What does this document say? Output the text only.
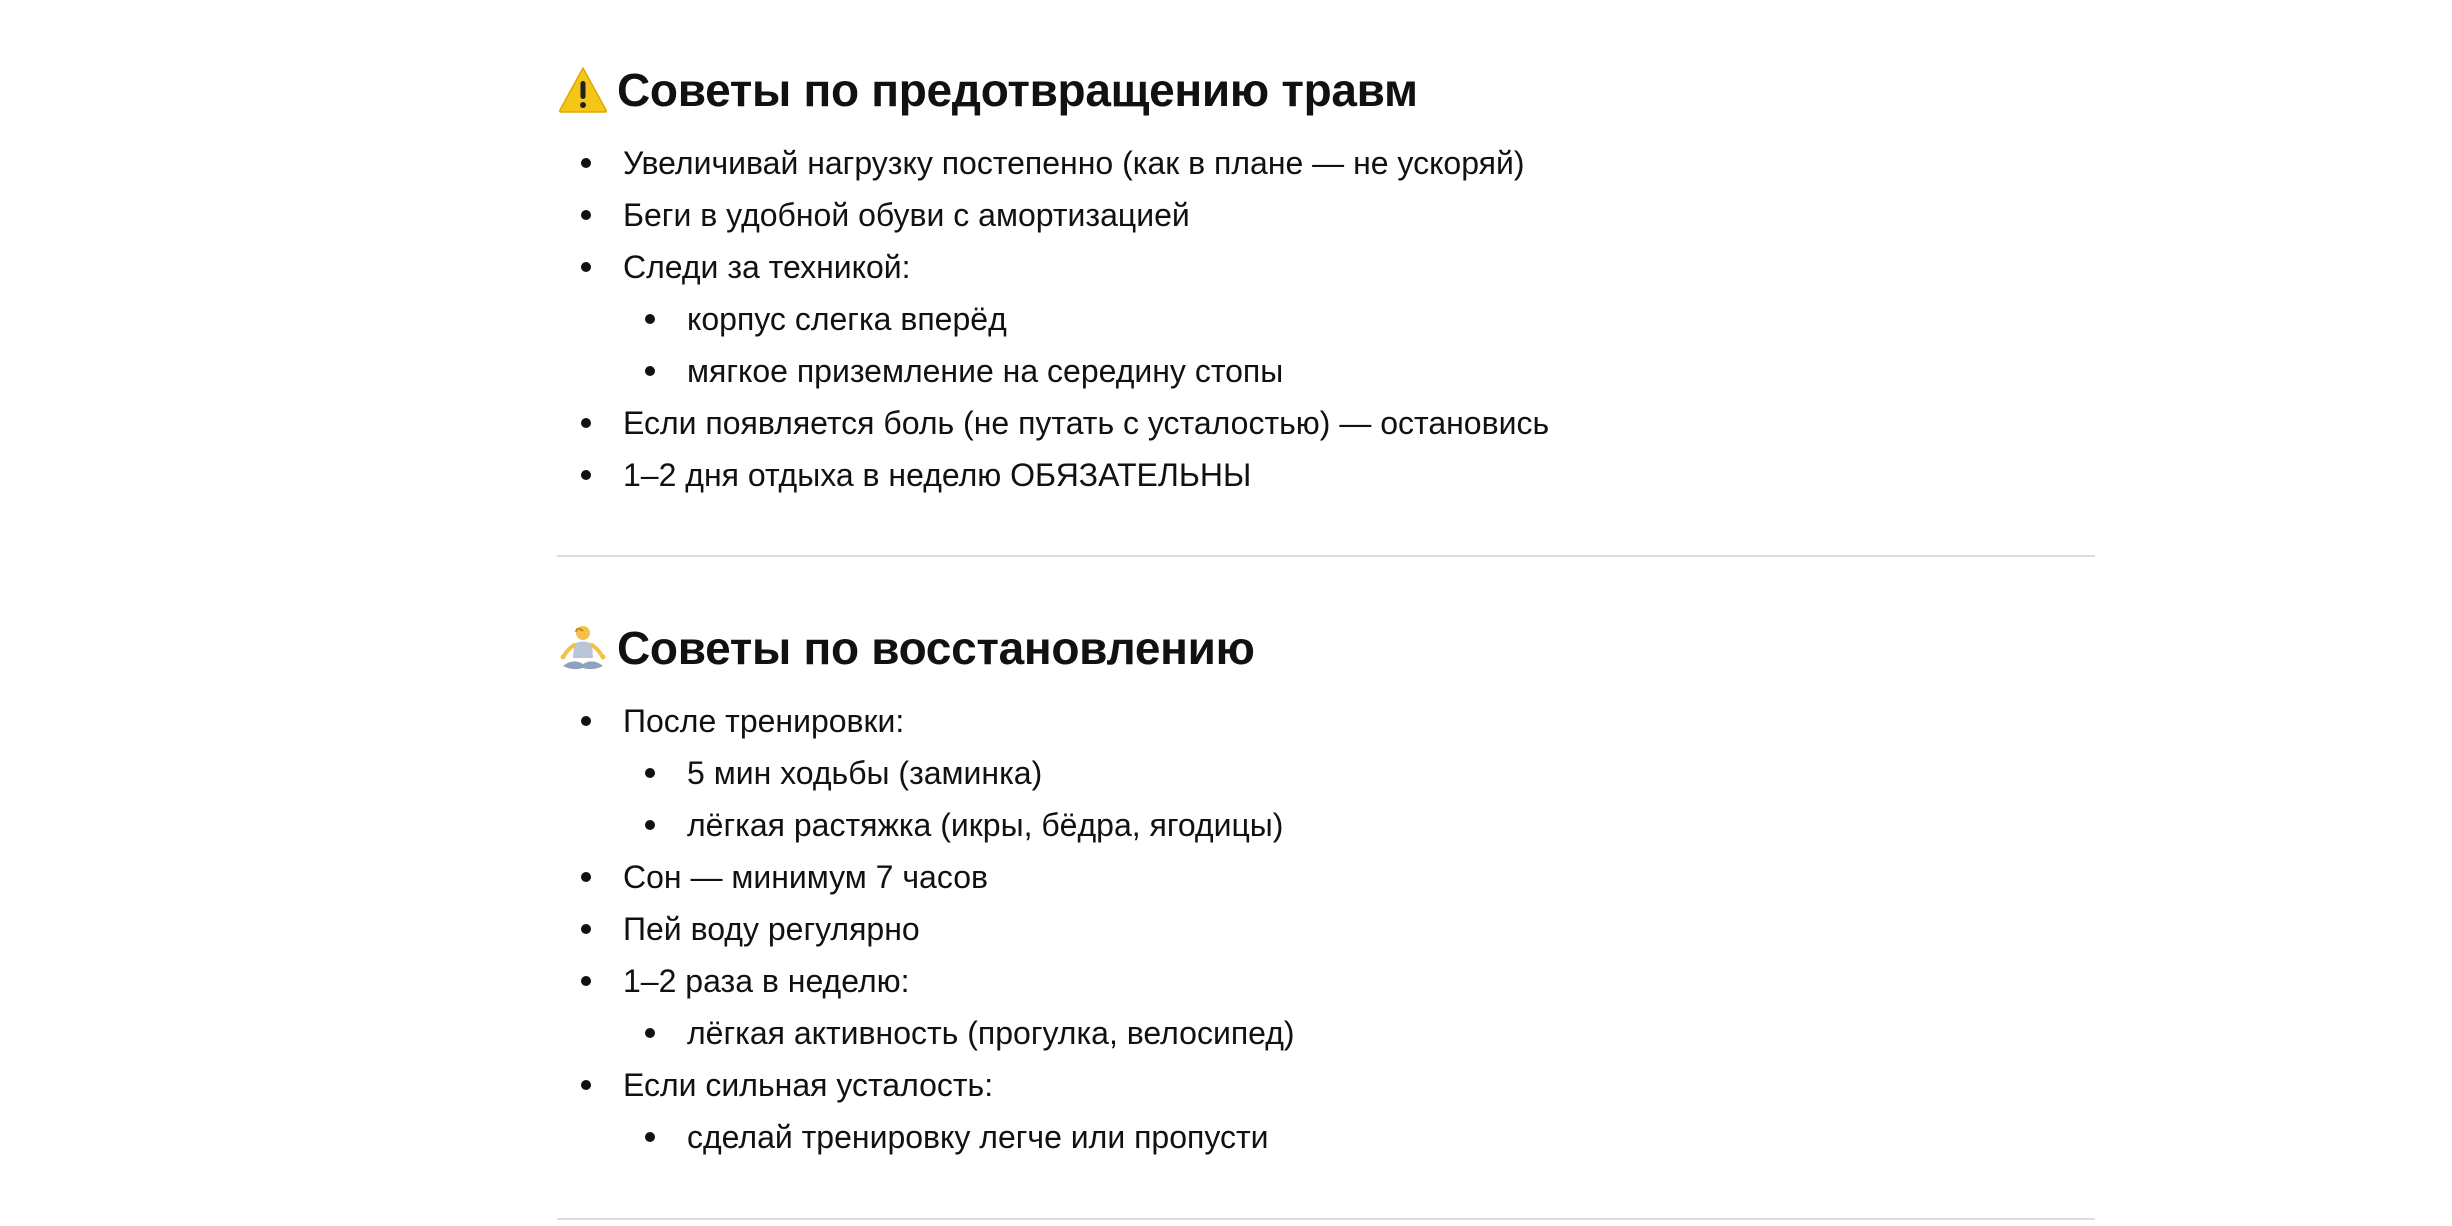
Советы по предотвращению травм
Увеличивай нагрузку постепенно (как в плане — не ускоряй)
Беги в удобной обуви с амортизацией
Следи за техникой:
корпус слегка вперёд
мягкое приземление на середину стопы
Если появляется боль (не путать с усталостью) — остановись
1–2 дня отдыха в неделю ОБЯЗАТЕЛЬНЫ
Советы по восстановлению
После тренировки:
5 мин ходьбы (заминка)
лёгкая растяжка (икры, бёдра, ягодицы)
Сон — минимум 7 часов
Пей воду регулярно
1–2 раза в неделю:
лёгкая активность (прогулка, велосипед)
Если сильная усталость:
сделай тренировку легче или пропусти
